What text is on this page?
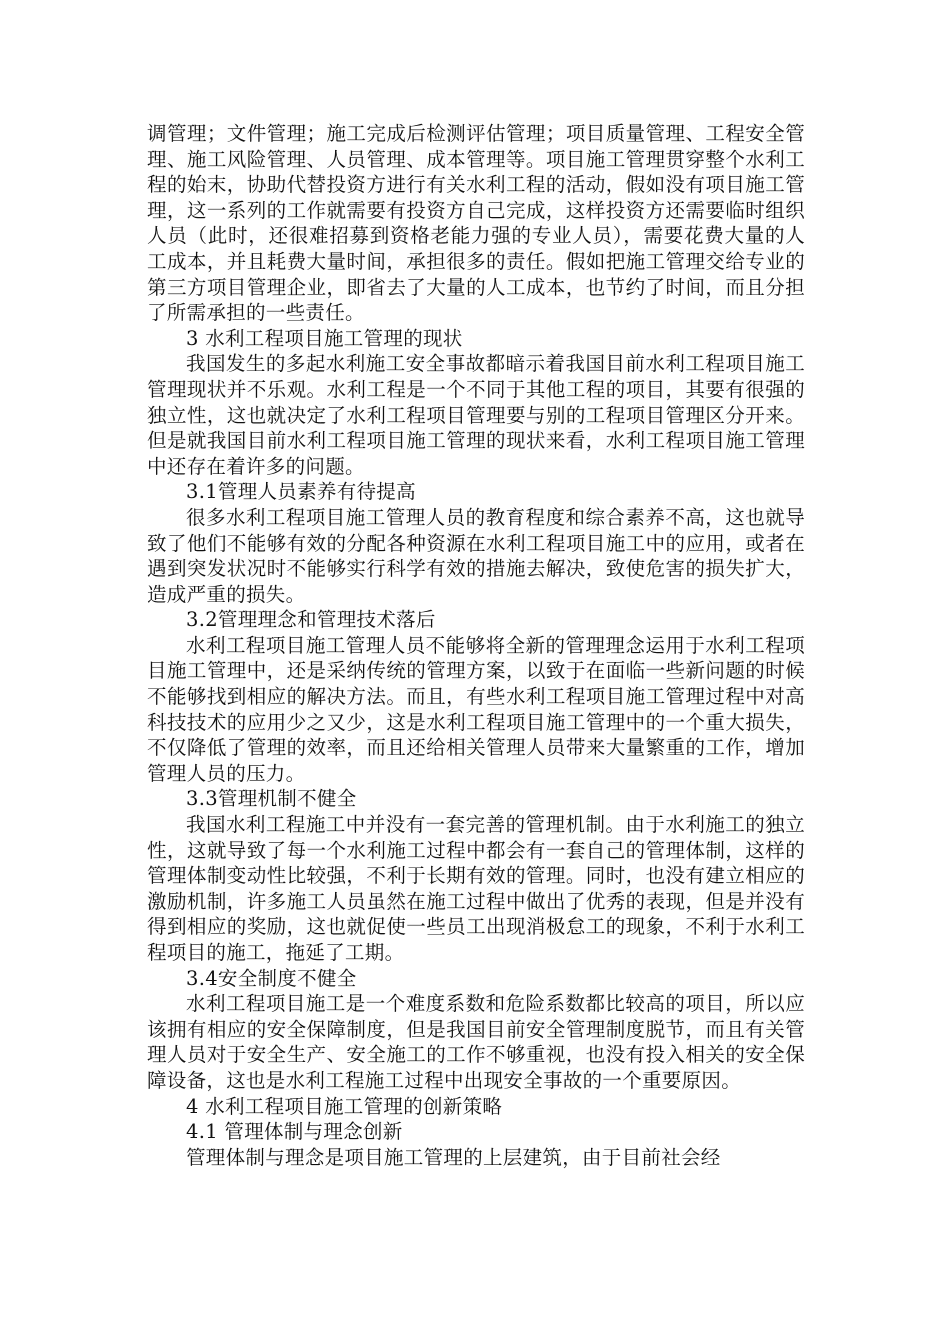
调管理；文件管理；施工完成后检测评估管理；项目质量管理、工程安全管理、施工风险管理、人员管理、成本管理等。项目施工管理贯穿整个水利工程的始末，协助代替投资方进行有关水利工程的活动，假如没有项目施工管理，这一系列的工作就需要有投资方自己完成，这样投资方还需要临时组织人员（此时，还很难招募到资格老能力强的专业人员），需要花费大量的人工成本，并且耗费大量时间，承担很多的责任。假如把施工管理交给专业的第三方项目管理企业，即省去了大量的人工成本，也节约了时间，而且分担了所需承担的一些责任。

3 水利工程项目施工管理的现状

我国发生的多起水利施工安全事故都暗示着我国目前水利工程项目施工管理现状并不乐观。水利工程是一个不同于其他工程的项目，其要有很强的独立性，这也就决定了水利工程项目管理要与别的工程项目管理区分开来。但是就我国目前水利工程项目施工管理的现状来看，水利工程项目施工管理中还存在着许多的问题。

3.1管理人员素养有待提高

很多水利工程项目施工管理人员的教育程度和综合素养不高，这也就导致了他们不能够有效的分配各种资源在水利工程项目施工中的应用，或者在遇到突发状况时不能够实行科学有效的措施去解决，致使危害的损失扩大，造成严重的损失。

3.2管理理念和管理技术落后

水利工程项目施工管理人员不能够将全新的管理理念运用于水利工程项目施工管理中，还是采纳传统的管理方案，以致于在面临一些新问题的时候不能够找到相应的解决方法。而且，有些水利工程项目施工管理过程中对高科技技术的应用少之又少，这是水利工程项目施工管理中的一个重大损失，不仅降低了管理的效率，而且还给相关管理人员带来大量繁重的工作，增加管理人员的压力。

3.3管理机制不健全

我国水利工程施工中并没有一套完善的管理机制。由于水利施工的独立性，这就导致了每一个水利施工过程中都会有一套自己的管理体制，这样的管理体制变动性比较强，不利于长期有效的管理。同时，也没有建立相应的激励机制，许多施工人员虽然在施工过程中做出了优秀的表现，但是并没有得到相应的奖励，这也就促使一些员工出现消极怠工的现象，不利于水利工程项目的施工，拖延了工期。

3.4安全制度不健全

水利工程项目施工是一个难度系数和危险系数都比较高的项目，所以应该拥有相应的安全保障制度，但是我国目前安全管理制度脱节，而且有关管理人员对于安全生产、安全施工的工作不够重视，也没有投入相关的安全保障设备，这也是水利工程施工过程中出现安全事故的一个重要原因。

4 水利工程项目施工管理的创新策略

4.1 管理体制与理念创新

管理体制与理念是项目施工管理的上层建筑，由于目前社会经
